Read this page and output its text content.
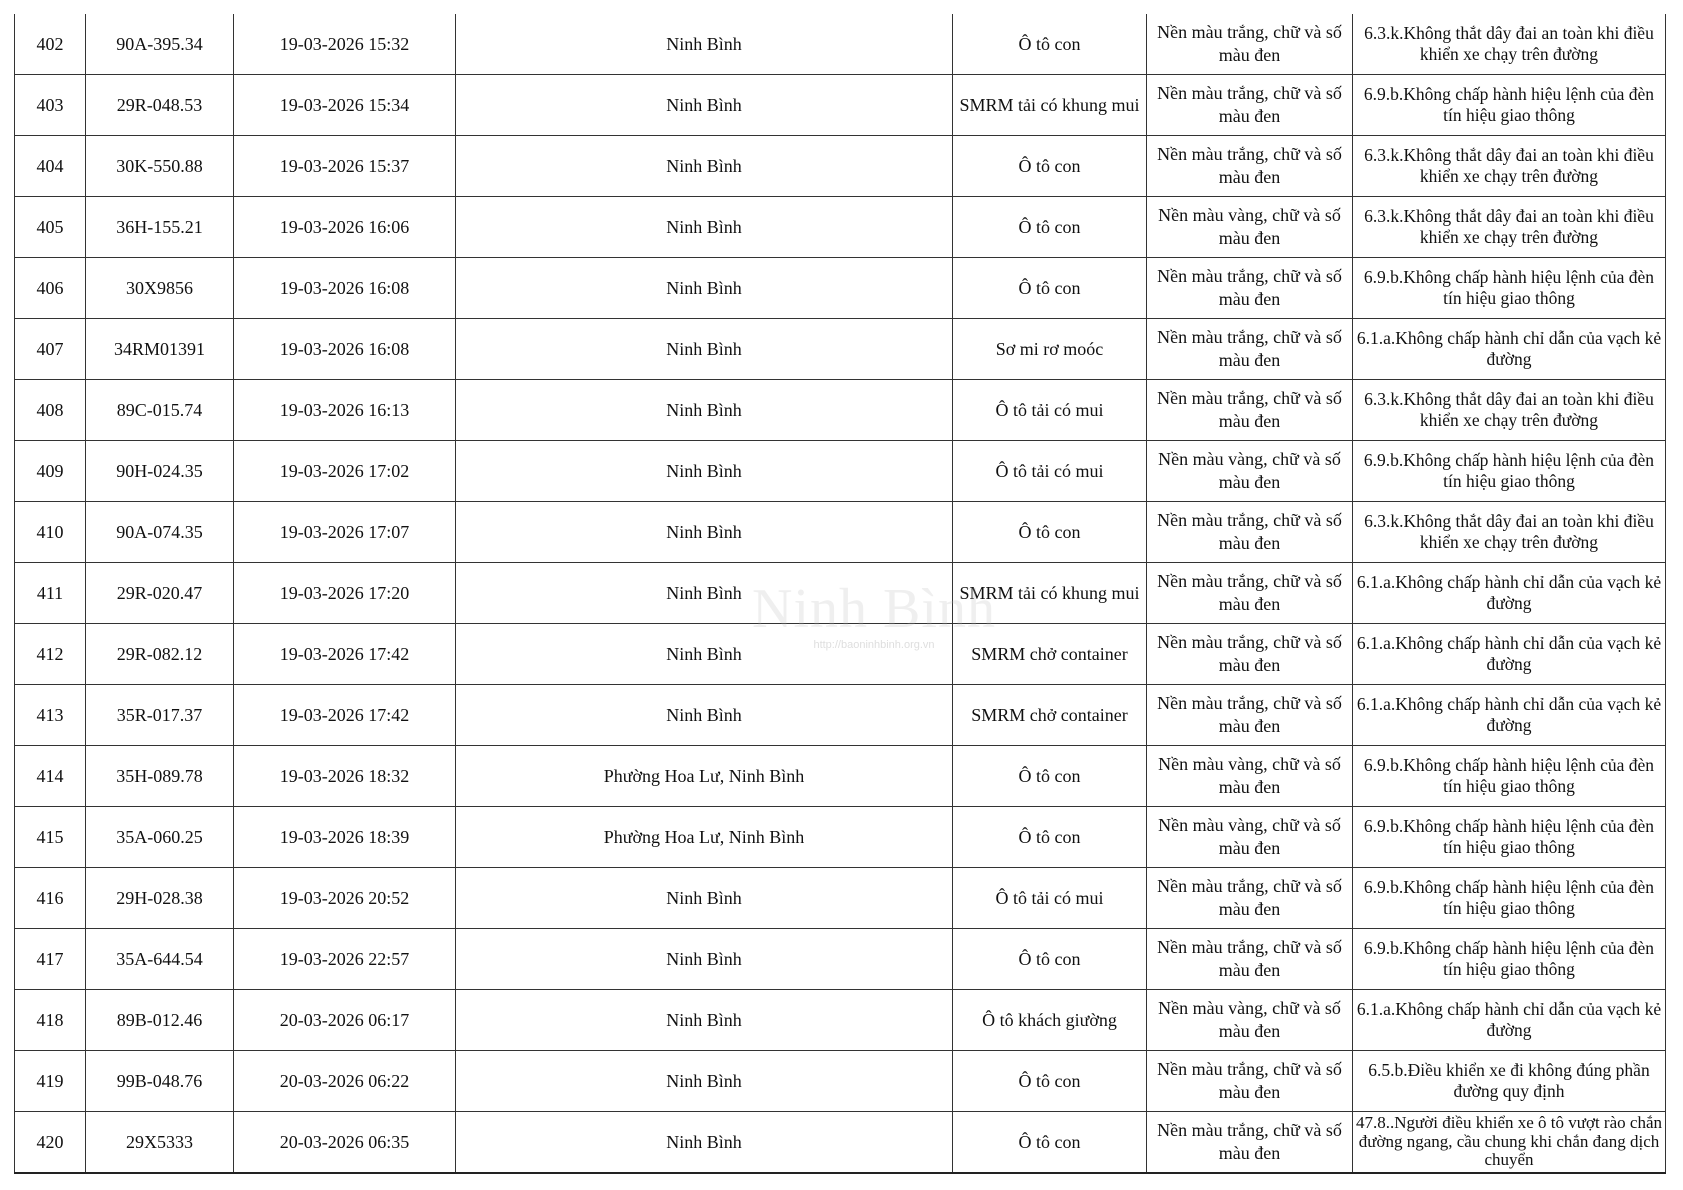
402	90A-395.34	19-03-2026 15:32	Ninh Bình	Ô tô con	Nền màu trắng, chữ và số màu đen	6.3.k.Không thắt dây đai an toàn khi điều khiển xe chạy trên đường
403	29R-048.53	19-03-2026 15:34	Ninh Bình	SMRM tải có khung mui	Nền màu trắng, chữ và số màu đen	6.9.b.Không chấp hành hiệu lệnh của đèn tín hiệu giao thông
404	30K-550.88	19-03-2026 15:37	Ninh Bình	Ô tô con	Nền màu trắng, chữ và số màu đen	6.3.k.Không thắt dây đai an toàn khi điều khiển xe chạy trên đường
405	36H-155.21	19-03-2026 16:06	Ninh Bình	Ô tô con	Nền màu vàng, chữ và số màu đen	6.3.k.Không thắt dây đai an toàn khi điều khiển xe chạy trên đường
406	30X9856	19-03-2026 16:08	Ninh Bình	Ô tô con	Nền màu trắng, chữ và số màu đen	6.9.b.Không chấp hành hiệu lệnh của đèn tín hiệu giao thông
407	34RM01391	19-03-2026 16:08	Ninh Bình	Sơ mi rơ moóc	Nền màu trắng, chữ và số màu đen	6.1.a.Không chấp hành chỉ dẫn của vạch kẻ đường
408	89C-015.74	19-03-2026 16:13	Ninh Bình	Ô tô tải có mui	Nền màu trắng, chữ và số màu đen	6.3.k.Không thắt dây đai an toàn khi điều khiển xe chạy trên đường
409	90H-024.35	19-03-2026 17:02	Ninh Bình	Ô tô tải có mui	Nền màu vàng, chữ và số màu đen	6.9.b.Không chấp hành hiệu lệnh của đèn tín hiệu giao thông
410	90A-074.35	19-03-2026 17:07	Ninh Bình	Ô tô con	Nền màu trắng, chữ và số màu đen	6.3.k.Không thắt dây đai an toàn khi điều khiển xe chạy trên đường
411	29R-020.47	19-03-2026 17:20	Ninh Bình	SMRM tải có khung mui	Nền màu trắng, chữ và số màu đen	6.1.a.Không chấp hành chỉ dẫn của vạch kẻ đường
412	29R-082.12	19-03-2026 17:42	Ninh Bình	SMRM chở container	Nền màu trắng, chữ và số màu đen	6.1.a.Không chấp hành chỉ dẫn của vạch kẻ đường
413	35R-017.37	19-03-2026 17:42	Ninh Bình	SMRM chở container	Nền màu trắng, chữ và số màu đen	6.1.a.Không chấp hành chỉ dẫn của vạch kẻ đường
414	35H-089.78	19-03-2026 18:32	Phường Hoa Lư, Ninh Bình	Ô tô con	Nền màu vàng, chữ và số màu đen	6.9.b.Không chấp hành hiệu lệnh của đèn tín hiệu giao thông
415	35A-060.25	19-03-2026 18:39	Phường Hoa Lư, Ninh Bình	Ô tô con	Nền màu vàng, chữ và số màu đen	6.9.b.Không chấp hành hiệu lệnh của đèn tín hiệu giao thông
416	29H-028.38	19-03-2026 20:52	Ninh Bình	Ô tô tải có mui	Nền màu trắng, chữ và số màu đen	6.9.b.Không chấp hành hiệu lệnh của đèn tín hiệu giao thông
417	35A-644.54	19-03-2026 22:57	Ninh Bình	Ô tô con	Nền màu trắng, chữ và số màu đen	6.9.b.Không chấp hành hiệu lệnh của đèn tín hiệu giao thông
418	89B-012.46	20-03-2026 06:17	Ninh Bình	Ô tô khách giường	Nền màu vàng, chữ và số màu đen	6.1.a.Không chấp hành chỉ dẫn của vạch kẻ đường
419	99B-048.76	20-03-2026 06:22	Ninh Bình	Ô tô con	Nền màu trắng, chữ và số màu đen	6.5.b.Điều khiển xe đi không đúng phần đường quy định
420	29X5333	20-03-2026 06:35	Ninh Bình	Ô tô con	Nền màu trắng, chữ và số màu đen	47.8..Người điều khiển xe ô tô vượt rào chắn đường ngang, cầu chung khi chắn đang dịch chuyển
Ninh Bình
http://baoninhbinh.org.vn
